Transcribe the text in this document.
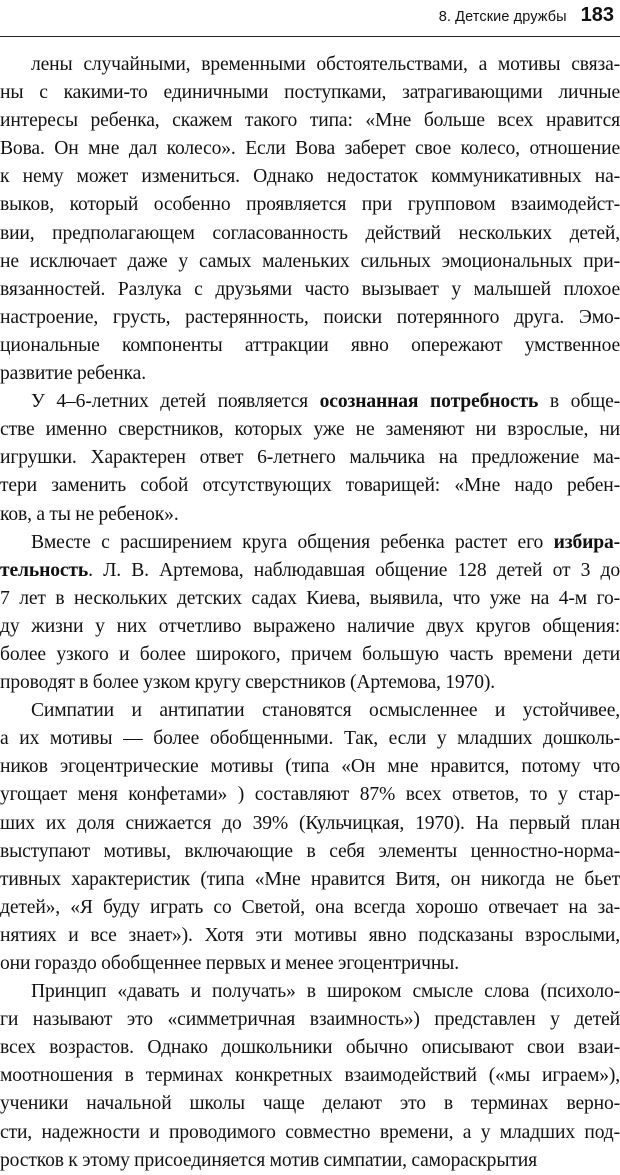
8. Детские дружбы 183
лены случайными, временными обстоятельствами, а мотивы связа-
ны с какими-то единичными поступками, затрагивающими личные
интересы ребенка, скажем такого типа: «Мне больше всех нравится
Вова. Он мне дал колесо». Если Вова заберет свое колесо, отношение
к нему может измениться. Однако недостаток коммуникативных на-
выков, который особенно проявляется при групповом взаимодейст-
вии, предполагающем согласованность действий нескольких детей,
не исключает даже у самых маленьких сильных эмоциональных при-
вязанностей. Разлука с друзьями часто вызывает у малышей плохое
настроение, грусть, растерянность, поиски потерянного друга. Эмо-
циональные компоненты аттракции явно опережают умственное
развитие ребенка.
У 4–6-летних детей появляется осознанная потребность в обще-
стве именно сверстников, которых уже не заменяют ни взрослые, ни
игрушки. Характерен ответ 6-летнего мальчика на предложение ма-
тери заменить собой отсутствующих товарищей: «Мне надо ребен-
ков, а ты не ребенок».
Вместе с расширением круга общения ребенка растет его избира-
тельность. Л. В. Артемова, наблюдавшая общение 128 детей от 3 до
7 лет в нескольких детских садах Киева, выявила, что уже на 4-м го-
ду жизни у них отчетливо выражено наличие двух кругов общения:
более узкого и более широкого, причем большую часть времени дети
проводят в более узком кругу сверстников (Артемова, 1970).
Симпатии и антипатии становятся осмысленнее и устойчивее,
а их мотивы — более обобщенными. Так, если у младших дошколь-
ников эгоцентрические мотивы (типа «Он мне нравится, потому что
угощает меня конфетами» ) составляют 87% всех ответов, то у стар-
ших их доля снижается до 39% (Кульчицкая, 1970). На первый план
выступают мотивы, включающие в себя элементы ценностно-норма-
тивных характеристик (типа «Мне нравится Витя, он никогда не бьет
детей», «Я буду играть со Светой, она всегда хорошо отвечает на за-
нятиях и все знает»). Хотя эти мотивы явно подсказаны взрослыми,
они гораздо обобщеннее первых и менее эгоцентричны.
Принцип «давать и получать» в широком смысле слова (психоло-
ги называют это «симметричная взаимность») представлен у детей
всех возрастов. Однако дошкольники обычно описывают свои взаи-
моотношения в терминах конкретных взаимодействий («мы играем»),
ученики начальной школы чаще делают это в терминах верно-
сти, надежности и проводимого совместно времени, а у младших под-
ростков к этому присоединяется мотив симпатии, самораскрытия
